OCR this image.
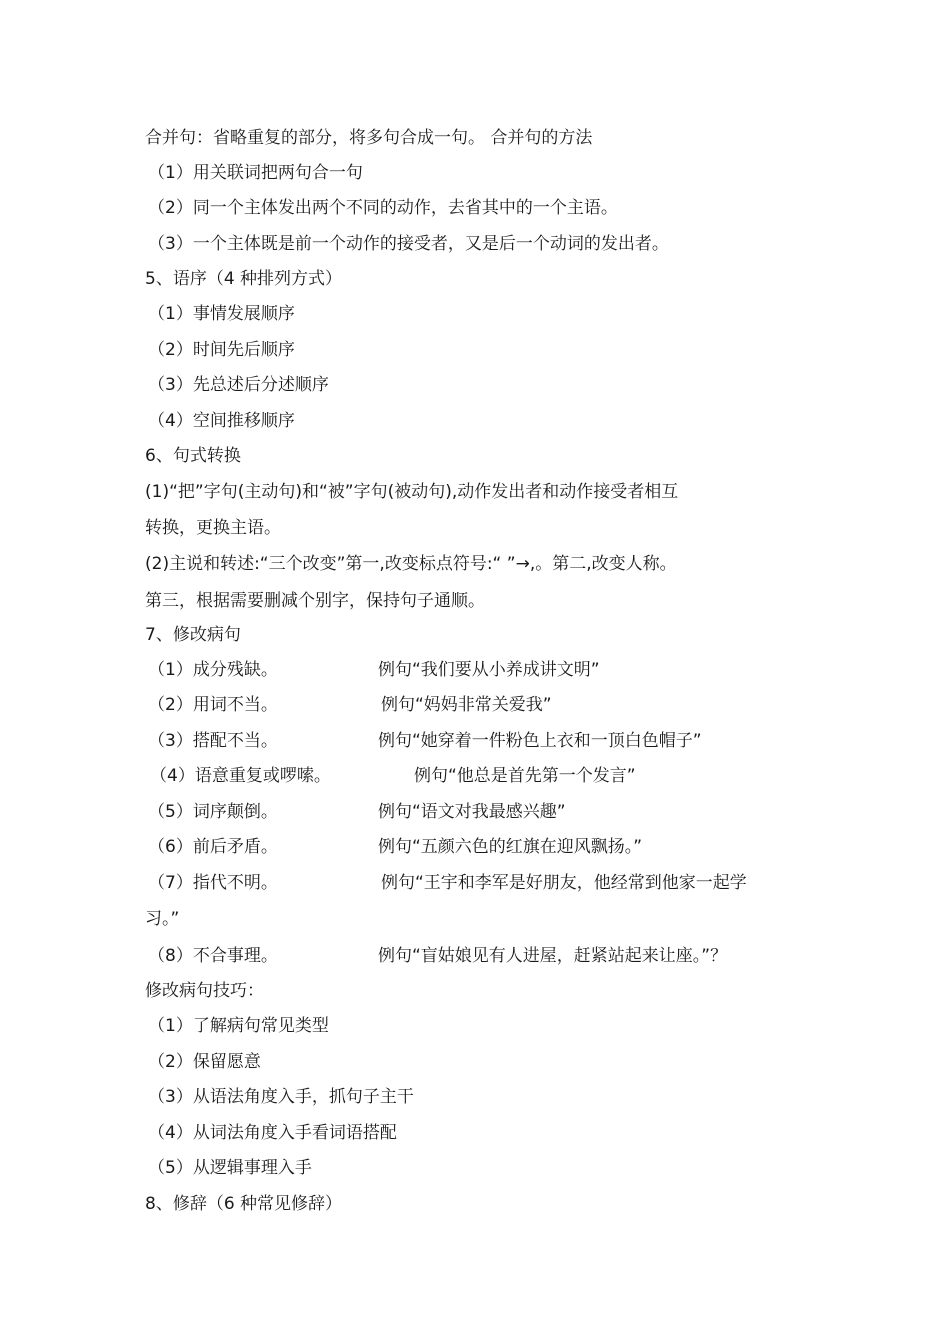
合并句：省略重复的部分，将多句合成一句。 合并句的方法
（1）用关联词把两句合一句
（2）同一个主体发出两个不同的动作，去省其中的一个主语。
（3）一个主体既是前一个动作的接受者，又是后一个动词的发出者。
5、语序（4 种排列方式）
（1）事情发展顺序
（2）时间先后顺序
（3）先总述后分述顺序
（4）空间推移顺序
6、句式转换
(1)“把”字句(主动句)和“被”字句(被动句),动作发出者和动作接受者相互
转换，更换主语。
(2)主说和转述:“三个改变”第一,改变标点符号:“ ”→,。第二,改变人称。
第三，根据需要删减个别字，保持句子通顺。
7、修改病句
（1）成分残缺。	例句“我们要从小养成讲文明”
（2）用词不当。	例句“妈妈非常关爱我”
（3）搭配不当。	例句“她穿着一件粉色上衣和一顶白色帽子”
（4）语意重复或啰嗦。	例句“他总是首先第一个发言”
（5）词序颠倒。	例句“语文对我最感兴趣”
（6）前后矛盾。	例句“五颜六色的红旗在迎风飘扬。”
（7）指代不明。	例句“王宇和李军是好朋友，他经常到他家一起学
习。”
（8）不合事理。	例句“盲姑娘见有人进屋，赶紧站起来让座。”？
修改病句技巧：
（1）了解病句常见类型
（2）保留愿意
（3）从语法角度入手，抓句子主干
（4）从词法角度入手看词语搭配
（5）从逻辑事理入手
8、修辞（6 种常见修辞）
